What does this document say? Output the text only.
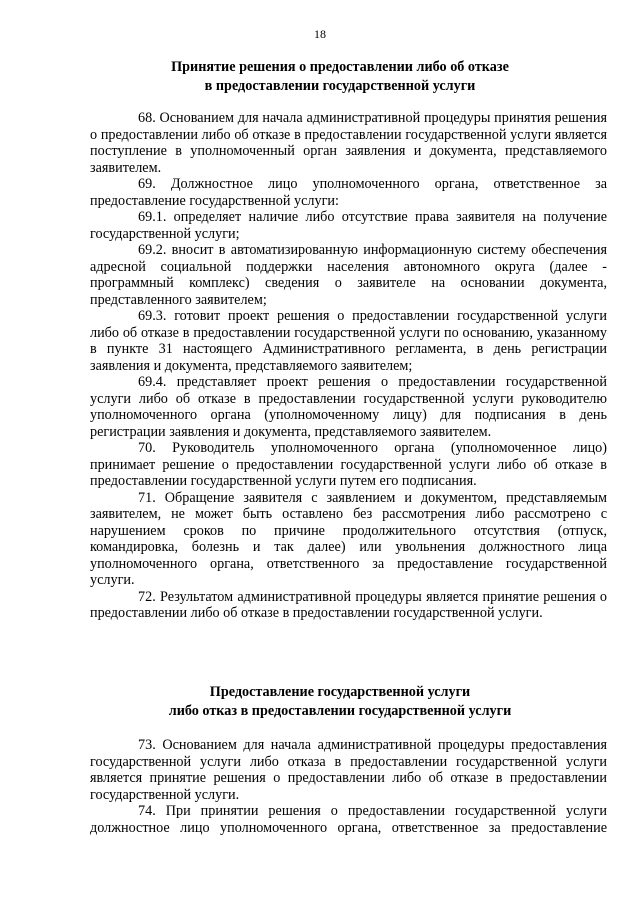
18
Принятие решения о предоставлении либо об отказе
в предоставлении государственной услуги

68. Основанием для начала административной процедуры принятия решения о предоставлении либо об отказе в предоставлении государственной услуги является поступление в уполномоченный орган заявления и документа, представляемого заявителем.

69. Должностное лицо уполномоченного органа, ответственное за предоставление государственной услуги:

69.1. определяет наличие либо отсутствие права заявителя на получение государственной услуги;

69.2. вносит в автоматизированную информационную систему обеспечения адресной социальной поддержки населения автономного округа (далее - программный комплекс) сведения о заявителе на основании документа, представленного заявителем;

69.3. готовит проект решения о предоставлении государственной услуги либо об отказе в предоставлении государственной услуги по основанию, указанному в пункте 31 настоящего Административного регламента, в день регистрации заявления и документа, представляемого заявителем;

69.4. представляет проект решения о предоставлении государственной услуги либо об отказе в предоставлении государственной услуги руководителю уполномоченного органа (уполномоченному лицу) для подписания в день регистрации заявления и документа, представляемого заявителем.

70. Руководитель уполномоченного органа (уполномоченное лицо) принимает решение о предоставлении государственной услуги либо об отказе в предоставлении государственной услуги путем его подписания.

71. Обращение заявителя с заявлением и документом, представляемым заявителем, не может быть оставлено без рассмотрения либо рассмотрено с нарушением сроков по причине продолжительного отсутствия (отпуск, командировка, болезнь и так далее) или увольнения должностного лица уполномоченного органа, ответственного за предоставление государственной услуги.

72. Результатом административной процедуры является принятие решения о предоставлении либо об отказе в предоставлении государственной услуги.

Предоставление государственной услуги
либо отказ в предоставлении государственной услуги

73. Основанием для начала административной процедуры предоставления государственной услуги либо отказа в предоставлении государственной услуги является принятие решения о предоставлении либо об отказе в предоставлении государственной услуги.

74. При принятии решения о предоставлении государственной услуги должностное лицо уполномоченного органа, ответственное за предоставление
